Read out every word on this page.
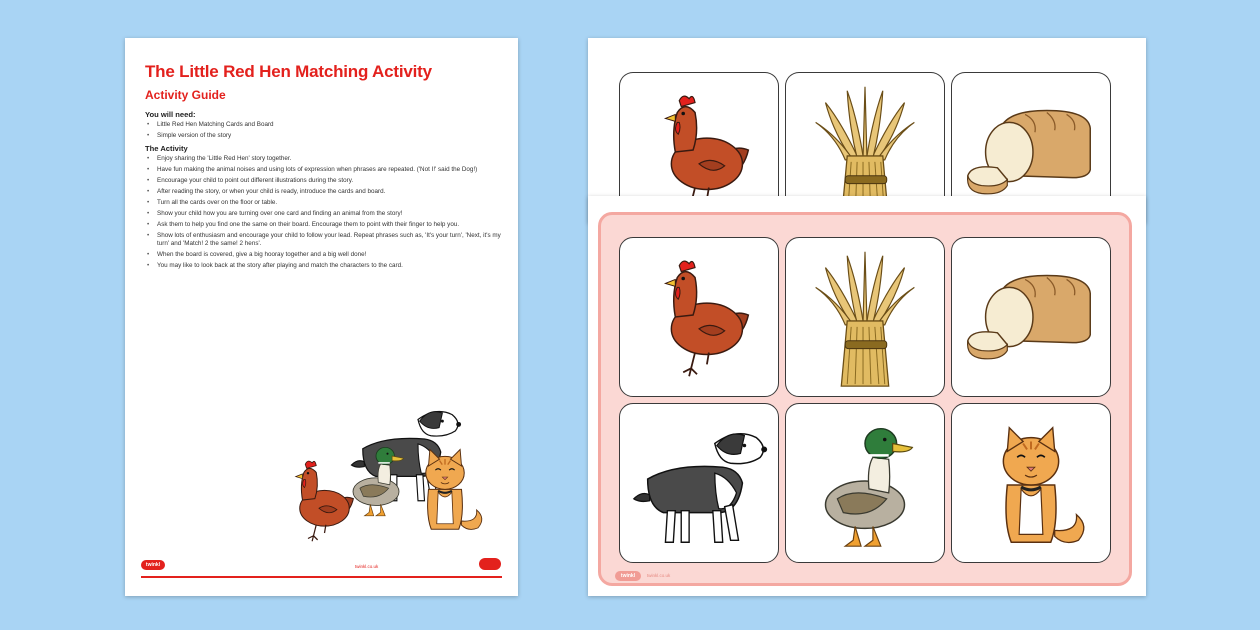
The Little Red Hen Matching Activity
Activity Guide
You will need:
• Little Red Hen Matching Cards and Board
• Simple version of the story
The Activity
• Enjoy sharing the 'Little Red Hen' story together.
• Have fun making the animal noises and using lots of expression when phrases are repeated. ('Not I!' said the Dog!)
• Encourage your child to point out different illustrations during the story.
• After reading the story, or when your child is ready, introduce the cards and board.
• Turn all the cards over on the floor or table.
• Show your child how you are turning over one card and finding an animal from the story!
• Ask them to help you find one the same on their board. Encourage them to point with their finger to help you.
• Show lots of enthusiasm and encourage your child to follow your lead. Repeat phrases such as, 'It's your turn', 'Next, it's my turn' and 'Match! 2 the same! 2 hens'.
• When the board is covered, give a big hooray together and a big well done!
• You may like to look back at the story after playing and match the characters to the card.
twinkl	twinkl.co.uk
twinkl	twinkl.co.uk
